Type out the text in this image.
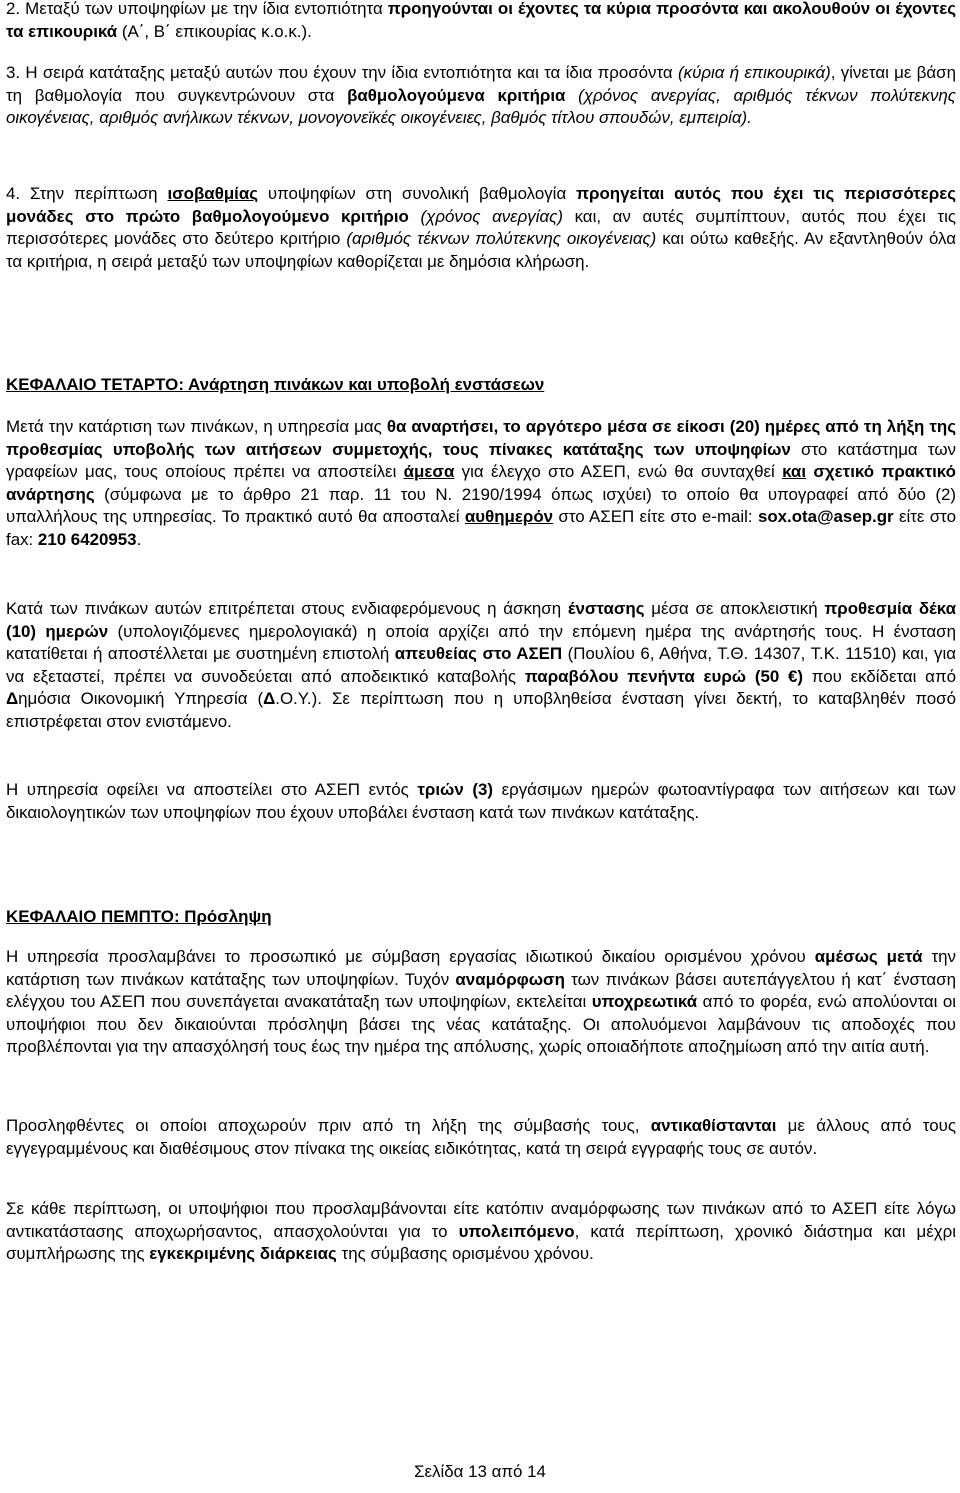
2. Μεταξύ των υποψηφίων με την ίδια εντοπιότητα προηγούνται οι έχοντες τα κύρια προσόντα και ακολουθούν οι έχοντες τα επικουρικά (Α΄, Β΄ επικουρίας κ.ο.κ.).

3. Η σειρά κατάταξης μεταξύ αυτών που έχουν την ίδια εντοπιότητα και τα ίδια προσόντα (κύρια ή επικουρικά), γίνεται με βάση τη βαθμολογία που συγκεντρώνουν στα βαθμολογούμενα κριτήρια (χρόνος ανεργίας, αριθμός τέκνων πολύτεκνης οικογένειας, αριθμός ανήλικων τέκνων, μονογονεϊκές οικογένειες, βαθμός τίτλου σπουδών, εμπειρία).

4. Στην περίπτωση ισοβαθμίας υποψηφίων στη συνολική βαθμολογία προηγείται αυτός που έχει τις περισσότερες μονάδες στο πρώτο βαθμολογούμενο κριτήριο (χρόνος ανεργίας) και, αν αυτές συμπίπτουν, αυτός που έχει τις περισσότερες μονάδες στο δεύτερο κριτήριο (αριθμός τέκνων πολύτεκνης οικογένειας) και ούτω καθεξής. Αν εξαντληθούν όλα τα κριτήρια, η σειρά μεταξύ των υποψηφίων καθορίζεται με δημόσια κλήρωση.

ΚΕΦΑΛΑΙΟ ΤΕΤΑΡΤΟ: Ανάρτηση πινάκων και υποβολή ενστάσεων

Μετά την κατάρτιση των πινάκων, η υπηρεσία μας θα αναρτήσει, το αργότερο μέσα σε είκοσι (20) ημέρες από τη λήξη της προθεσμίας υποβολής των αιτήσεων συμμετοχής, τους πίνακες κατάταξης των υποψηφίων στο κατάστημα των γραφείων μας, τους οποίους πρέπει να αποστείλει άμεσα για έλεγχο στο ΑΣΕΠ, ενώ θα συνταχθεί και σχετικό πρακτικό ανάρτησης (σύμφωνα με το άρθρο 21 παρ. 11 του Ν. 2190/1994 όπως ισχύει) το οποίο θα υπογραφεί από δύο (2) υπαλλήλους της υπηρεσίας. Το πρακτικό αυτό θα αποσταλεί αυθημερόν στο ΑΣΕΠ είτε στο e-mail: sox.ota@asep.gr είτε στο fax: 210 6420953.

Κατά των πινάκων αυτών επιτρέπεται στους ενδιαφερόμενους η άσκηση ένστασης μέσα σε αποκλειστική προθεσμία δέκα (10) ημερών (υπολογιζόμενες ημερολογιακά) η οποία αρχίζει από την επόμενη ημέρα της ανάρτησής τους. Η ένσταση κατατίθεται ή αποστέλλεται με συστημένη επιστολή απευθείας στο ΑΣΕΠ (Πουλίου 6, Αθήνα, Τ.Θ. 14307, Τ.Κ. 11510) και, για να εξεταστεί, πρέπει να συνοδεύεται από αποδεικτικό καταβολής παραβόλου πενήντα ευρώ (50 €) που εκδίδεται από Δημόσια Οικονομική Υπηρεσία (Δ.Ο.Υ.). Σε περίπτωση που η υποβληθείσα ένσταση γίνει δεκτή, το καταβληθέν ποσό επιστρέφεται στον ενιστάμενο.

Η υπηρεσία οφείλει να αποστείλει στο ΑΣΕΠ εντός τριών (3) εργάσιμων ημερών φωτοαντίγραφα των αιτήσεων και των δικαιολογητικών των υποψηφίων που έχουν υποβάλει ένσταση κατά των πινάκων κατάταξης.

ΚΕΦΑΛΑΙΟ ΠΕΜΠΤΟ: Πρόσληψη

Η υπηρεσία προσλαμβάνει το προσωπικό με σύμβαση εργασίας ιδιωτικού δικαίου ορισμένου χρόνου αμέσως μετά την κατάρτιση των πινάκων κατάταξης των υποψηφίων. Τυχόν αναμόρφωση των πινάκων βάσει αυτεπάγγελτου ή κατ΄ ένσταση ελέγχου του ΑΣΕΠ που συνεπάγεται ανακατάταξη των υποψηφίων, εκτελείται υποχρεωτικά από το φορέα, ενώ απολύονται οι υποψήφιοι που δεν δικαιούνται πρόσληψη βάσει της νέας κατάταξης. Οι απολυόμενοι λαμβάνουν τις αποδοχές που προβλέπονται για την απασχόλησή τους έως την ημέρα της απόλυσης, χωρίς οποιαδήποτε αποζημίωση από την αιτία αυτή.

Προσληφθέντες οι οποίοι αποχωρούν πριν από τη λήξη της σύμβασής τους, αντικαθίστανται με άλλους από τους εγγεγραμμένους και διαθέσιμους στον πίνακα της οικείας ειδικότητας, κατά τη σειρά εγγραφής τους σε αυτόν.

Σε κάθε περίπτωση, οι υποψήφιοι που προσλαμβάνονται είτε κατόπιν αναμόρφωσης των πινάκων από το ΑΣΕΠ είτε λόγω αντικατάστασης αποχωρήσαντος, απασχολούνται για το υπολειπόμενο, κατά περίπτωση, χρονικό διάστημα και μέχρι συμπλήρωσης της εγκεκριμένης διάρκειας της σύμβασης ορισμένου χρόνου.

Σελίδα 13 από 14
